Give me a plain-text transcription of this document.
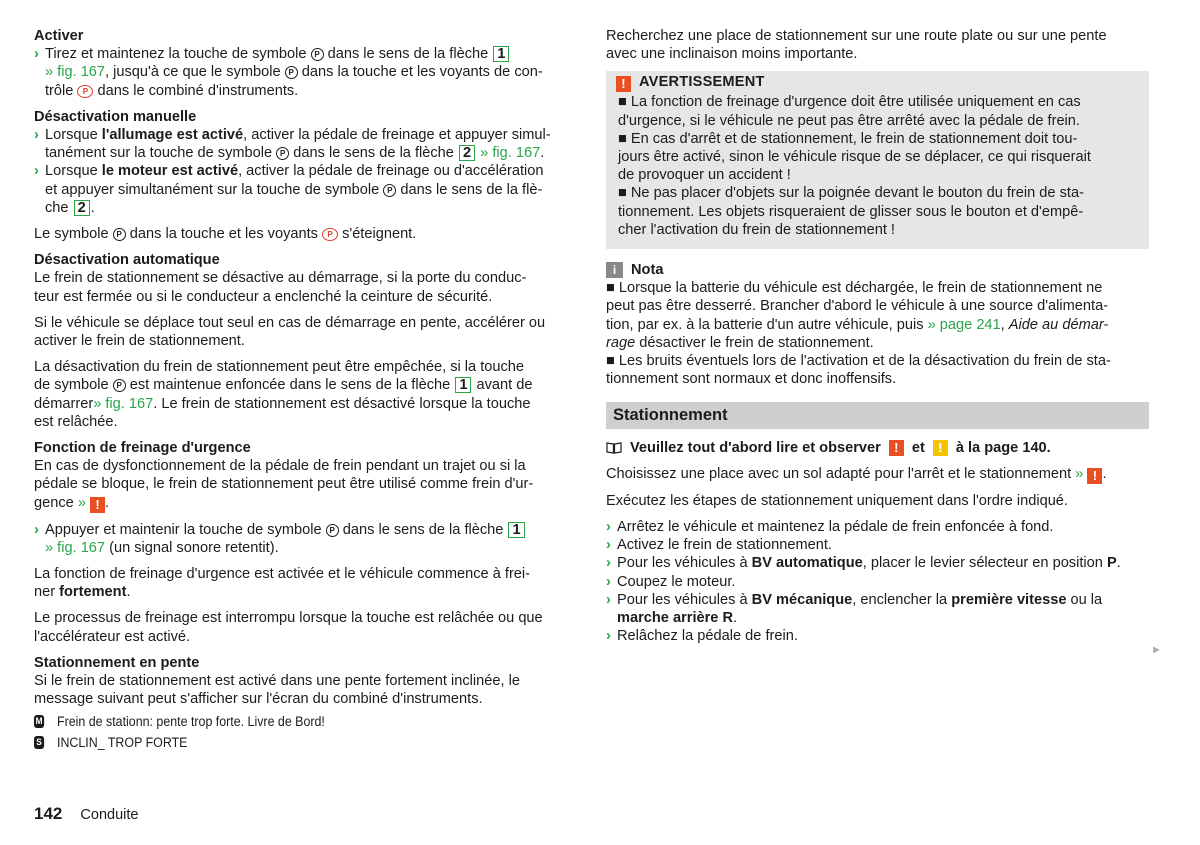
Activer

› Tirez et maintenez la touche de symbole P dans le sens de la flèche 1
» fig. 167, jusqu'à ce que le symbole P dans la touche et les voyants de con-
trôle P dans le combiné d'instruments.

Désactivation manuelle

› Lorsque l'allumage est activé, activer la pédale de freinage et appuyer simul-
tanément sur la touche de symbole P dans le sens de la flèche 2 » fig. 167.
› Lorsque le moteur est activé, activer la pédale de freinage ou d'accélération
et appuyer simultanément sur la touche de symbole P dans le sens de la flè-
che 2 .

Le symbole P dans la touche et les voyants P s'éteignent.

Désactivation automatique

Le frein de stationnement se désactive au démarrage, si la porte du conduc-
teur est fermée ou si le conducteur a enclenché la ceinture de sécurité.

Si le véhicule se déplace tout seul en cas de démarrage en pente, accélérer ou
activer le frein de stationnement.

La désactivation du frein de stationnement peut être empêchée, si la touche
de symbole P est maintenue enfoncée dans le sens de la flèche 1 avant de
démarrer» fig. 167. Le frein de stationnement est désactivé lorsque la touche
est relâchée.

Fonction de freinage d'urgence

En cas de dysfonctionnement de la pédale de frein pendant un trajet ou si la
pédale se bloque, le frein de stationnement peut être utilisé comme frein d'ur-
gence » ! .

› Appuyer et maintenir la touche de symbole P dans le sens de la flèche 1
» fig. 167 (un signal sonore retentit).

La fonction de freinage d'urgence est activée et le véhicule commence à frei-
ner fortement.

Le processus de freinage est interrompu lorsque la touche est relâchée ou que
l'accélérateur est activé.

Stationnement en pente

Si le frein de stationnement est activé dans une pente fortement inclinée, le
message suivant peut s'afficher sur l'écran du combiné d'instruments.

M Frein de stationn: pente trop forte. Livre de Bord!
S INCLIN_ TROP FORTE

Recherchez une place de stationnement sur une route plate ou sur une pente
avec une inclinaison moins importante.

! AVERTISSEMENT
■ La fonction de freinage d'urgence doit être utilisée uniquement en cas
d'urgence, si le véhicule ne peut pas être arrêté avec la pédale de frein.
■ En cas d'arrêt et de stationnement, le frein de stationnement doit tou-
jours être activé, sinon le véhicule risque de se déplacer, ce qui risquerait
de provoquer un accident !
■ Ne pas placer d'objets sur la poignée devant le bouton du frein de sta-
tionnement. Les objets risqueraient de glisser sous le bouton et d'empê-
cher l'activation du frein de stationnement !
i	Nota
■ Lorsque la batterie du véhicule est déchargée, le frein de stationnement ne
peut pas être desserré. Brancher d'abord le véhicule à une source d'alimenta-
tion, par ex. à la batterie d'un autre véhicule, puis » page 241, Aide au démar-
rage désactiver le frein de stationnement.
■ Les bruits éventuels lors de l'activation et de la désactivation du frein de sta-
tionnement sont normaux et donc inoffensifs.
Stationnement
Veuillez tout d'abord lire et observer	! et	! à la page 140.

Choisissez une place avec un sol adapté pour l'arrêt et le stationnement » ! .

Exécutez les étapes de stationnement uniquement dans l'ordre indiqué.

› Arrêtez le véhicule et maintenez la pédale de frein enfoncée à fond.
› Activez le frein de stationnement.
› Pour les véhicules à BV automatique, placer le levier sélecteur en position P.
› Coupez le moteur.
› Pour les véhicules à BV mécanique, enclencher la première vitesse ou la
marche arrière R.
› Relâchez la pédale de frein.
►
142 Conduite
